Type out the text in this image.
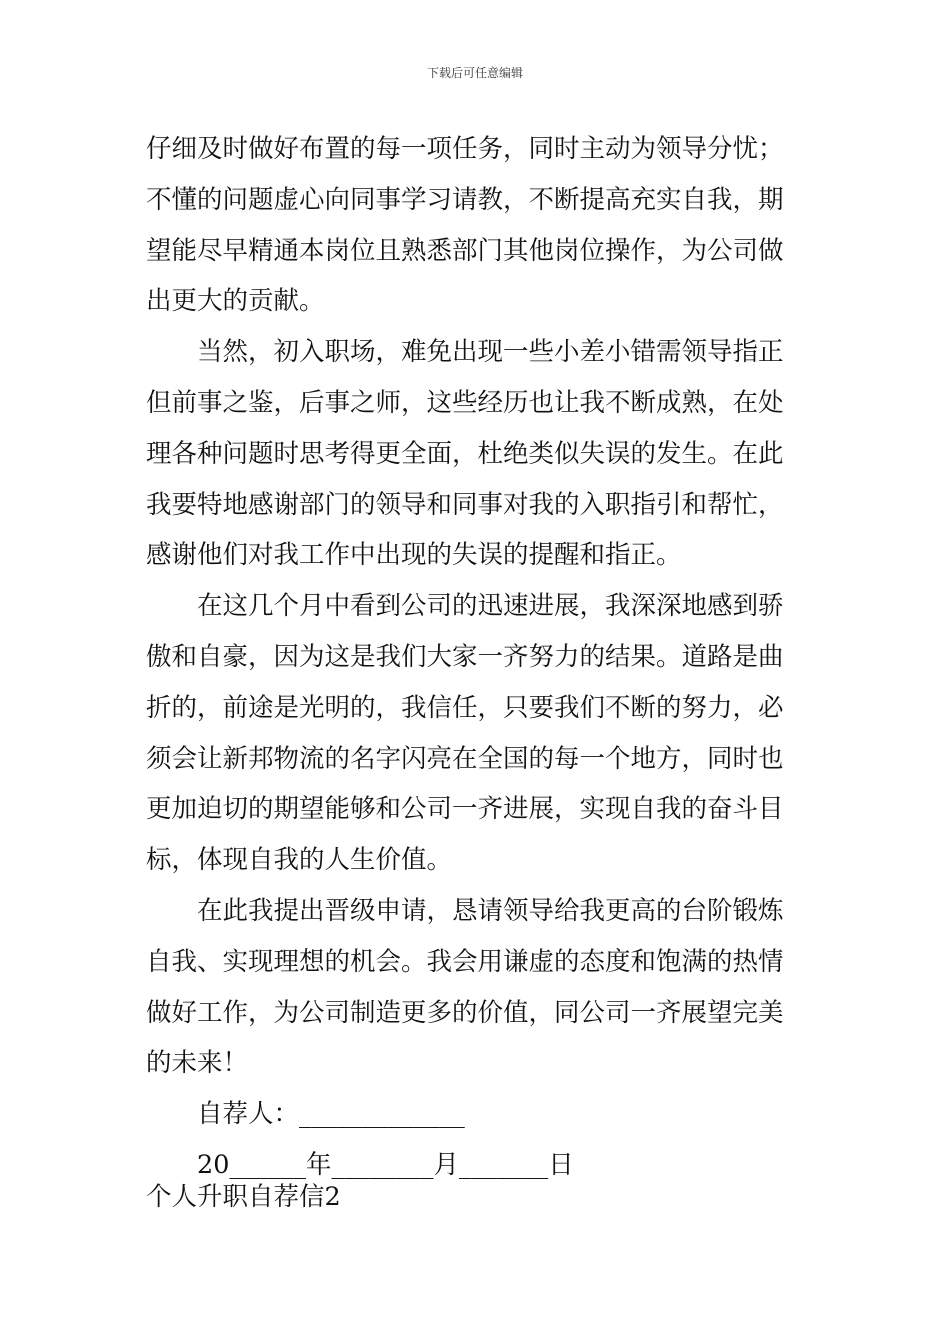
下载后可任意编辑
仔细及时做好布置的每一项任务，同时主动为领导分忧；
不懂的问题虚心向同事学习请教，不断提高充实自我，期
望能尽早精通本岗位且熟悉部门其他岗位操作，为公司做
出更大的贡献。
当然，初入职场，难免出现一些小差小错需领导指正
但前事之鉴，后事之师，这些经历也让我不断成熟，在处
理各种问题时思考得更全面，杜绝类似失误的发生。在此
我要特地感谢部门的领导和同事对我的入职指引和帮忙，
感谢他们对我工作中出现的失误的提醒和指正。
在这几个月中看到公司的迅速进展，我深深地感到骄
傲和自豪，因为这是我们大家一齐努力的结果。道路是曲
折的，前途是光明的，我信任，只要我们不断的努力，必
须会让新邦物流的名字闪亮在全国的每一个地方，同时也
更加迫切的期望能够和公司一齐进展，实现自我的奋斗目
标，体现自我的人生价值。
在此我提出晋级申请，恳请领导给我更高的台阶锻炼
自我、实现理想的机会。我会用谦虚的态度和饱满的热情
做好工作，为公司制造更多的价值，同公司一齐展望完美
的未来！
自荐人：_____________
20______年________月_______日
个人升职自荐信2
